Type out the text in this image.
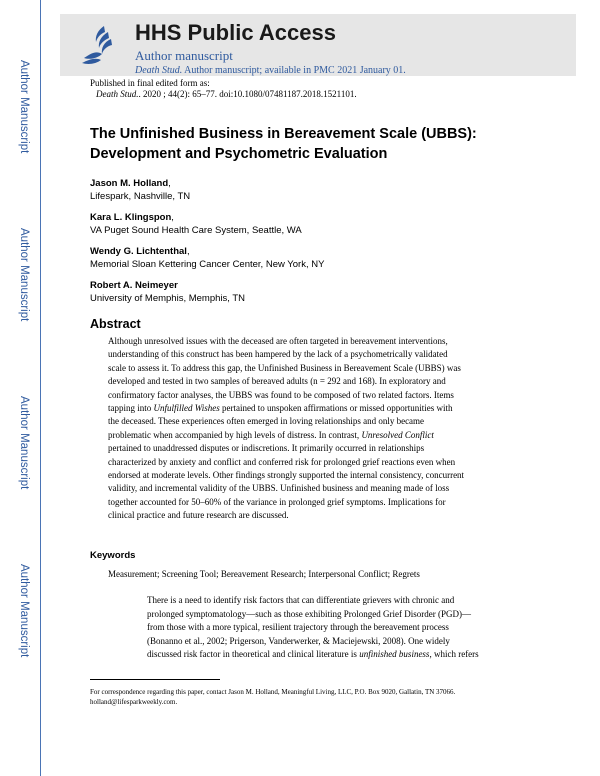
Author Manuscript
Author Manuscript
Author Manuscript
Author Manuscript
HHS Public Access
Author manuscript
Death Stud. Author manuscript; available in PMC 2021 January 01.
Published in final edited form as:
Death Stud.. 2020 ; 44(2): 65–77. doi:10.1080/07481187.2018.1521101.
The Unfinished Business in Bereavement Scale (UBBS):
Development and Psychometric Evaluation
Jason M. Holland,
Lifespark, Nashville, TN
Kara L. Klingspon,
VA Puget Sound Health Care System, Seattle, WA
Wendy G. Lichtenthal,
Memorial Sloan Kettering Cancer Center, New York, NY
Robert A. Neimeyer
University of Memphis, Memphis, TN
Abstract
Although unresolved issues with the deceased are often targeted in bereavement interventions,
understanding of this construct has been hampered by the lack of a psychometrically validated
scale to assess it. To address this gap, the Unfinished Business in Bereavement Scale (UBBS) was
developed and tested in two samples of bereaved adults (n = 292 and 168). In exploratory and
confirmatory factor analyses, the UBBS was found to be composed of two related factors. Items
tapping into Unfulfilled Wishes pertained to unspoken affirmations or missed opportunities with
the deceased. These experiences often emerged in loving relationships and only became
problematic when accompanied by high levels of distress. In contrast, Unresolved Conflict
pertained to unaddressed disputes or indiscretions. It primarily occurred in relationships
characterized by anxiety and conflict and conferred risk for prolonged grief reactions even when
endorsed at moderate levels. Other findings strongly supported the internal consistency, concurrent
validity, and incremental validity of the UBBS. Unfinished business and meaning made of loss
together accounted for 50–60% of the variance in prolonged grief symptoms. Implications for
clinical practice and future research are discussed.
Keywords
Measurement; Screening Tool; Bereavement Research; Interpersonal Conflict; Regrets
There is a need to identify risk factors that can differentiate grievers with chronic and
prolonged symptomatology—such as those exhibiting Prolonged Grief Disorder (PGD)—
from those with a more typical, resilient trajectory through the bereavement process
(Bonanno et al., 2002; Prigerson, Vanderwerker, & Maciejewski, 2008). One widely
discussed risk factor in theoretical and clinical literature is unfinished business, which refers
For correspondence regarding this paper, contact Jason M. Holland, Meaningful Living, LLC, P.O. Box 9020, Gallatin, TN 37066.
holland@lifesparkweekly.com.
